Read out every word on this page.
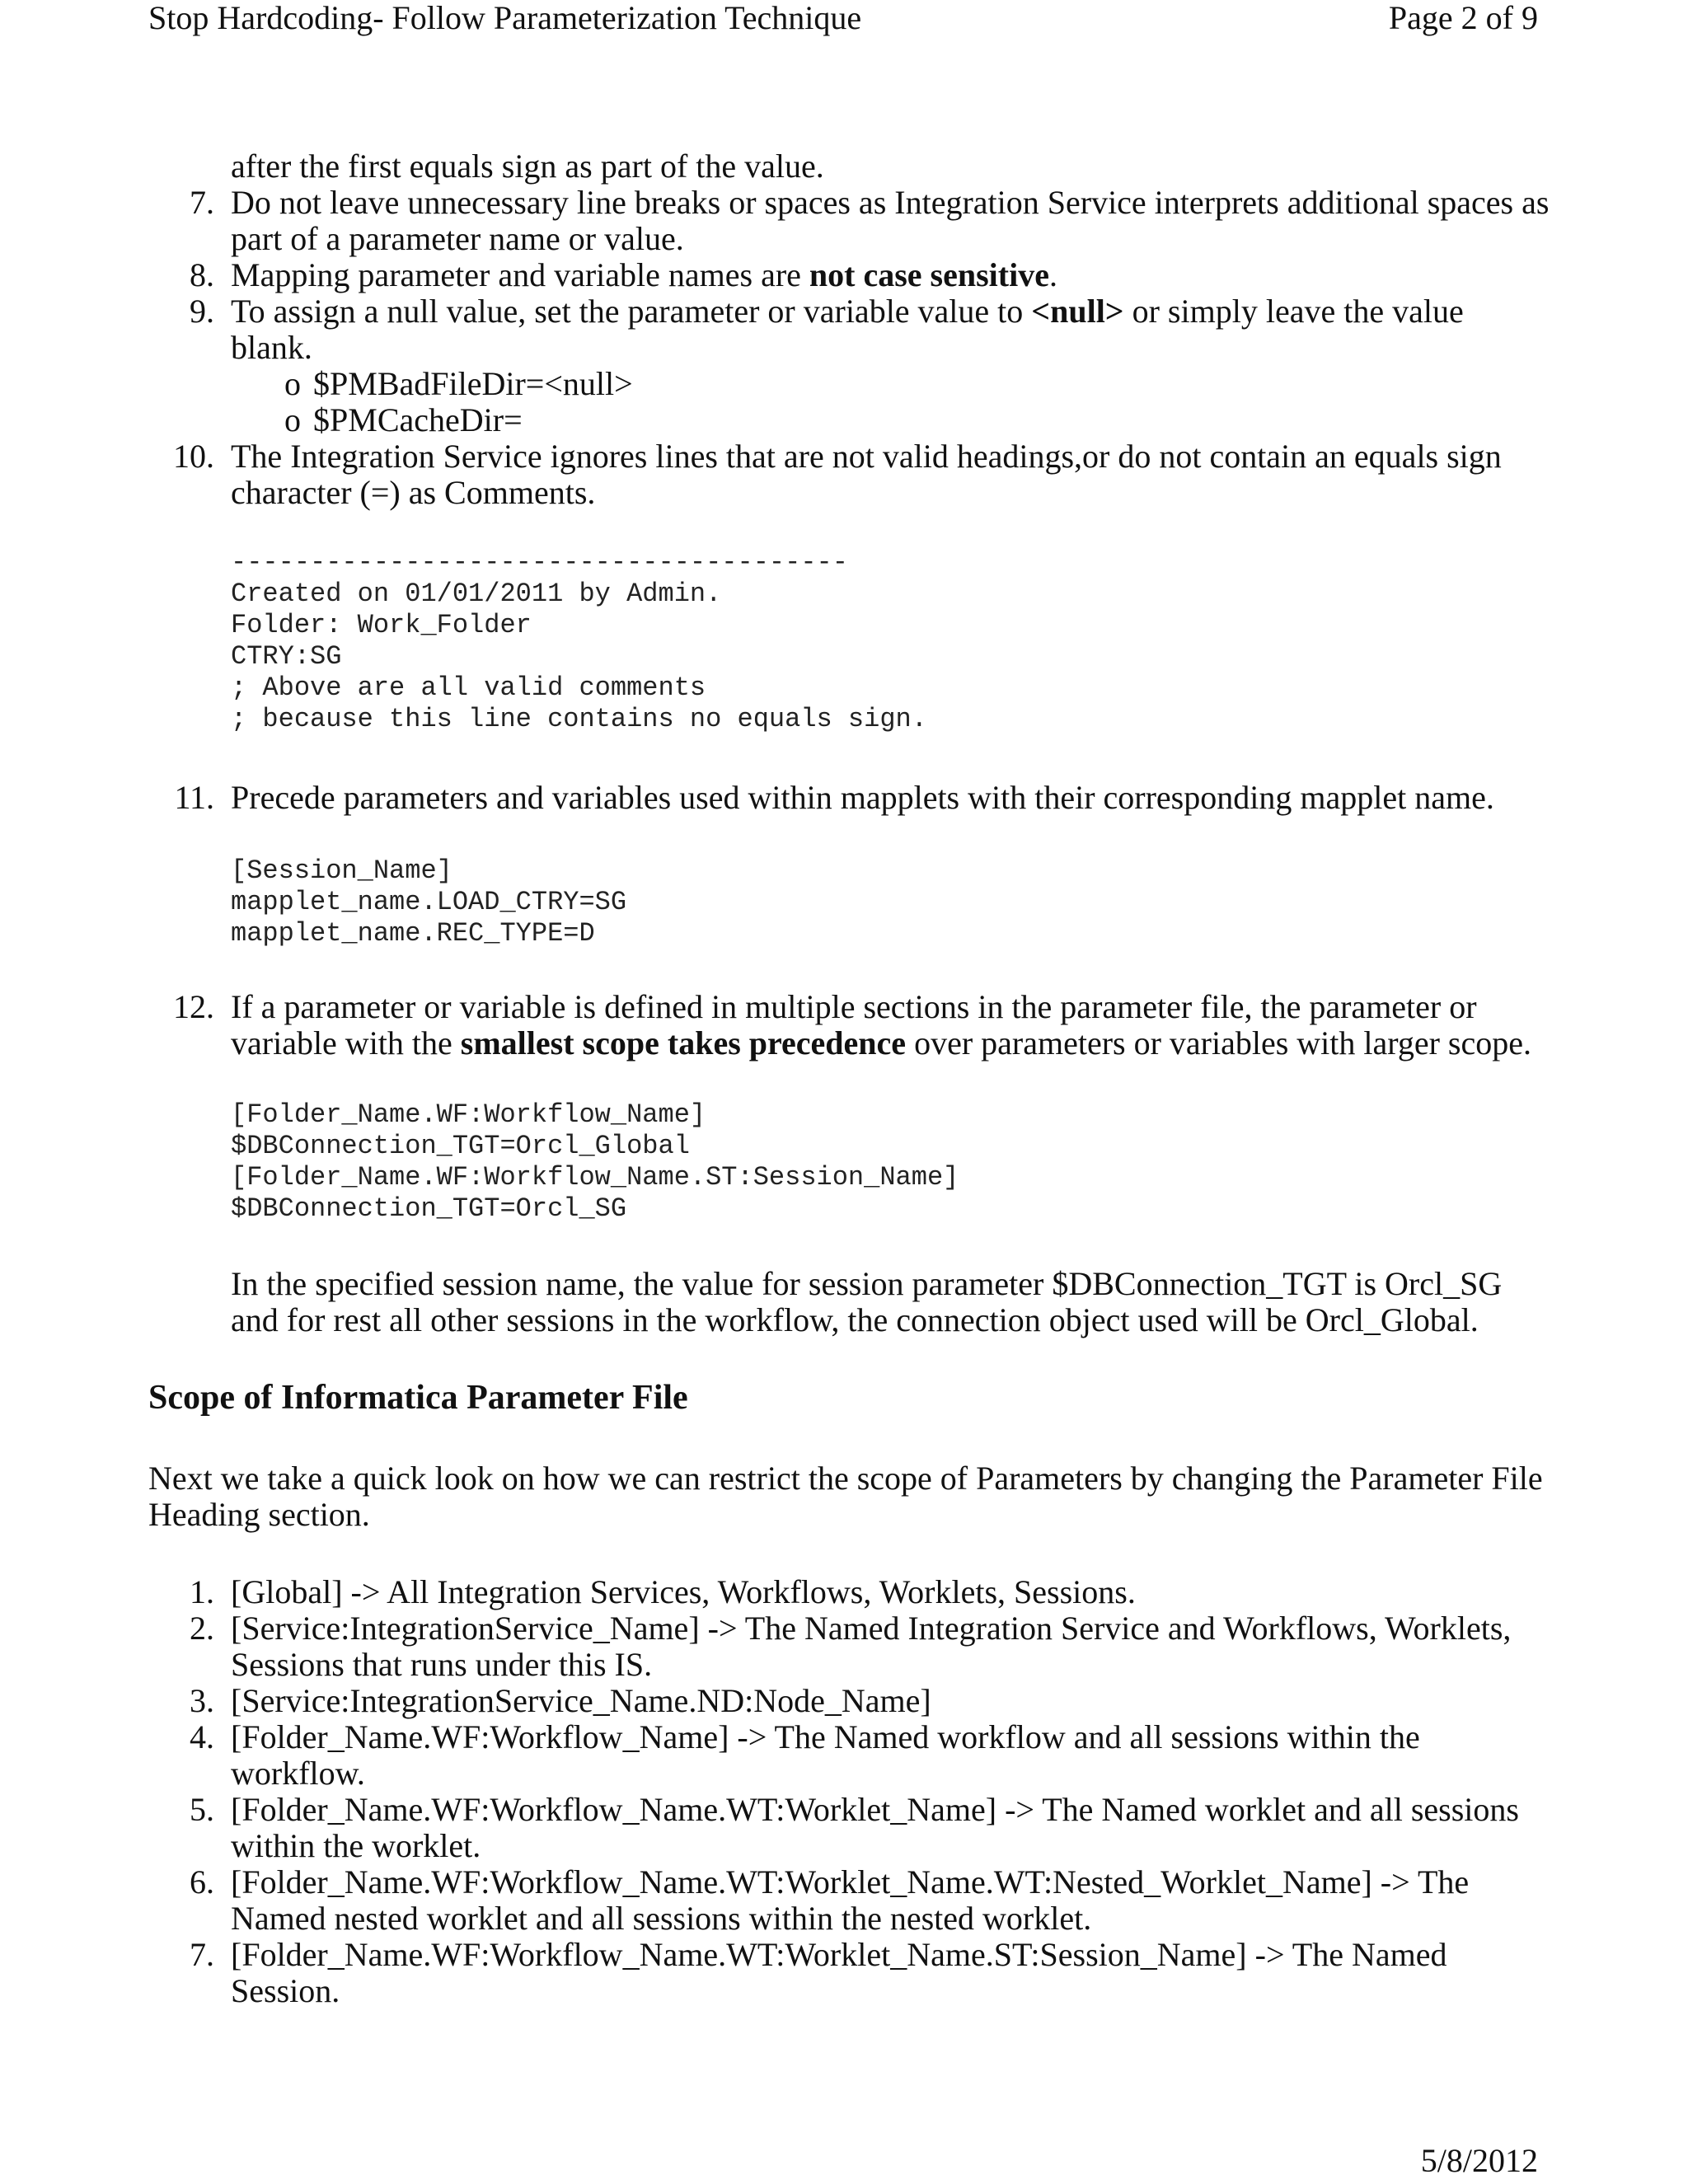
Stop Hardcoding- Follow Parameterization Technique	Page 2 of 9
after the first equals sign as part of the value.
7. Do not leave unnecessary line breaks or spaces as Integration Service interprets additional spaces as part of a parameter name or value.
8. Mapping parameter and variable names are not case sensitive.
9. To assign a null value, set the parameter or variable value to <null> or simply leave the value blank.
o $PMBadFileDir=<null>
o $PMCacheDir=
10. The Integration Service ignores lines that are not valid headings,or do not contain an equals sign character (=) as Comments.
---------------------------------------
Created on 01/01/2011 by Admin.
Folder: Work_Folder
CTRY:SG
; Above are all valid comments
; because this line contains no equals sign.
11. Precede parameters and variables used within mapplets with their corresponding mapplet name.
[Session_Name]
mapplet_name.LOAD_CTRY=SG
mapplet_name.REC_TYPE=D
12. If a parameter or variable is defined in multiple sections in the parameter file, the parameter or variable with the smallest scope takes precedence over parameters or variables with larger scope.
[Folder_Name.WF:Workflow_Name]
$DBConnection_TGT=Orcl_Global
[Folder_Name.WF:Workflow_Name.ST:Session_Name]
$DBConnection_TGT=Orcl_SG
In the specified session name, the value for session parameter $DBConnection_TGT is Orcl_SG and for rest all other sessions in the workflow, the connection object used will be Orcl_Global.
Scope of Informatica Parameter File
Next we take a quick look on how we can restrict the scope of Parameters by changing the Parameter File Heading section.
1. [Global] -> All Integration Services, Workflows, Worklets, Sessions.
2. [Service:IntegrationService_Name] -> The Named Integration Service and Workflows, Worklets, Sessions that runs under this IS.
3. [Service:IntegrationService_Name.ND:Node_Name]
4. [Folder_Name.WF:Workflow_Name] -> The Named workflow and all sessions within the workflow.
5. [Folder_Name.WF:Workflow_Name.WT:Worklet_Name] -> The Named worklet and all sessions within the worklet.
6. [Folder_Name.WF:Workflow_Name.WT:Worklet_Name.WT:Nested_Worklet_Name] -> The Named nested worklet and all sessions within the nested worklet.
7. [Folder_Name.WF:Workflow_Name.WT:Worklet_Name.ST:Session_Name] -> The Named Session.
5/8/2012
